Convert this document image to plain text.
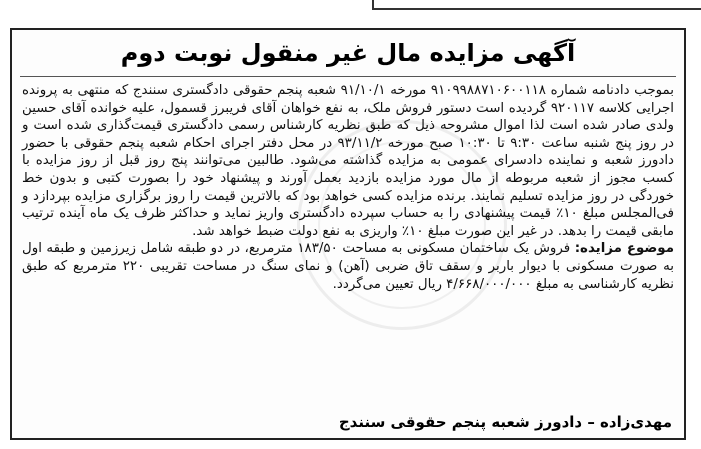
آگهی مزایده مال غیر منقول نوبت دوم

بموجب دادنامه شماره ۹۱۰۹۹۸۸۷۱۰۶۰۰۱۱۸ مورخه ۹۱/۱۰/۱ شعبه پنجم حقوقی دادگستری سنندج که منتهی به پرونده اجرایی کلاسه ۹۲۰۱۱۷ گردیده است دستور فروش ملک، به نفع خواهان آقای فریبرز قسمول، علیه خوانده آقای حسین ولدی صادر شده است لذا اموال مشروحه ذیل که طبق نظریه کارشناس رسمی دادگستری قیمت‌گذاری شده است و در روز پنج شنبه ساعت ۹:۳۰ تا ۱۰:۳۰ صبح مورخه ۹۳/۱۱/۲ در محل دفتر اجرای احکام شعبه پنجم حقوقی با حضور دادورز شعبه و نماینده دادسرای عمومی به مزایده گذاشته می‌شود. طالبین می‌توانند پنج روز قبل از روز مزایده با کسب مجوز از شعبه مربوطه از مال مورد مزایده بازدید بعمل آورند و پیشنهاد خود را بصورت کتبی و بدون خط خوردگی در روز مزایده تسلیم نمایند. برنده مزایده کسی خواهد بود که بالاترین قیمت را روز برگزاری مزایده بپردازد و فی‌المجلس مبلغ ۱۰٪ قیمت پیشنهادی را به حساب سپرده دادگستری واریز نماید و حداکثر ظرف یک ماه آینده ترتیب مابقی قیمت را بدهد. در غیر این صورت مبلغ ۱۰٪ واریزی به نفع دولت ضبط خواهد شد.

موضوع مزایده: فروش یک ساختمان مسکونی به مساحت ۱۸۳/۵۰ مترمربع، در دو طبقه شامل زیرزمین و طبقه اول به صورت مسکونی با دیوار باربر و سقف تاق ضربی (آهن) و نمای سنگ در مساحت تقریبی ۲۲۰ مترمربع که طبق نظریه کارشناسی به مبلغ ۴/۶۶۸/۰۰۰/۰۰۰ ریال تعیین می‌گردد.

مهدی‌زاده – دادورز شعبه پنجم حقوقی سنندج
